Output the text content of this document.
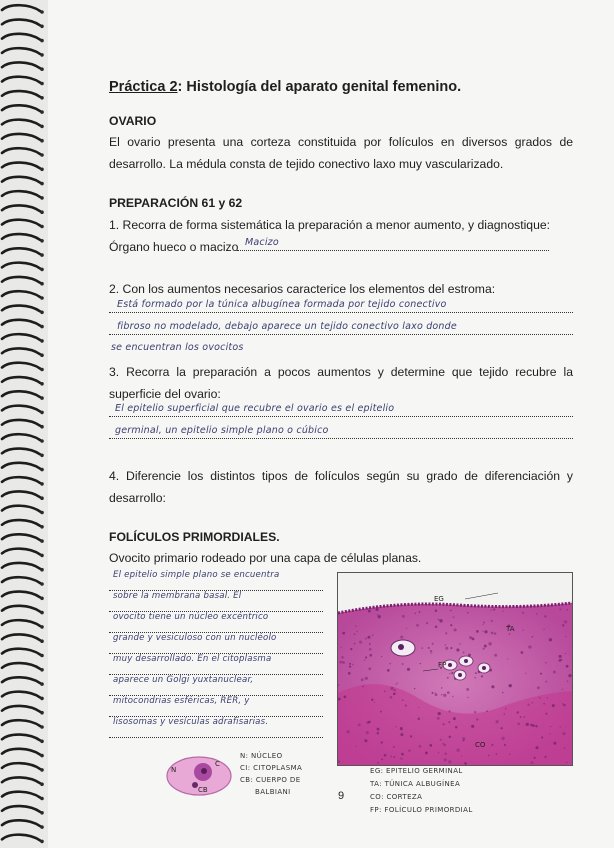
Práctica 2: Histología del aparato genital femenino.
OVARIO
El ovario presenta una corteza constituida por folículos en diversos grados de desarrollo. La médula consta de tejido conectivo laxo muy vascularizado.
PREPARACIÓN 61 y 62
1. Recorra de forma sistemática la preparación a menor aumento, y diagnostique:
Órgano hueco o macizo Macizo
2. Con los aumentos necesarios caracterice los elementos del estroma:
Está formado por la túnica albugínea formada por tejido conectivo
fibroso no modelado, debajo aparece un tejido conectivo laxo donde
se encuentran los ovocitos
3. Recorra la preparación a pocos aumentos y determine que tejido recubre la superficie del ovario:
El epitelio superficial que recubre el ovario es el epitelio
germinal, un epitelio simple plano o cúbico
4. Diferencie los distintos tipos de folículos según su grado de diferenciación y desarrollo:
FOLÍCULOS PRIMORDIALES.
Ovocito primario rodeado por una capa de células planas.
El epitelio simple plano se encuentra
sobre la membrana basal. El
ovocito tiene un núcleo excéntrico
grande y vesiculoso con un nucléolo
muy desarrollado. En el citoplasma
aparece un Golgi yuxtanuclear,
mitocondrias esféricas, RER, y
lisosomas y vesículas adrafisarias.
EG
TA
FP
CO
EG: EPITELIO GERMINAL
TA: TÚNICA ALBUGÍNEA
CO: CORTEZA
FP: FOLÍCULO PRIMORDIAL
N
C
CB
N: NÚCLEO
CI: CITOPLASMA
CB: CUERPO DE
BALBIANI	9
